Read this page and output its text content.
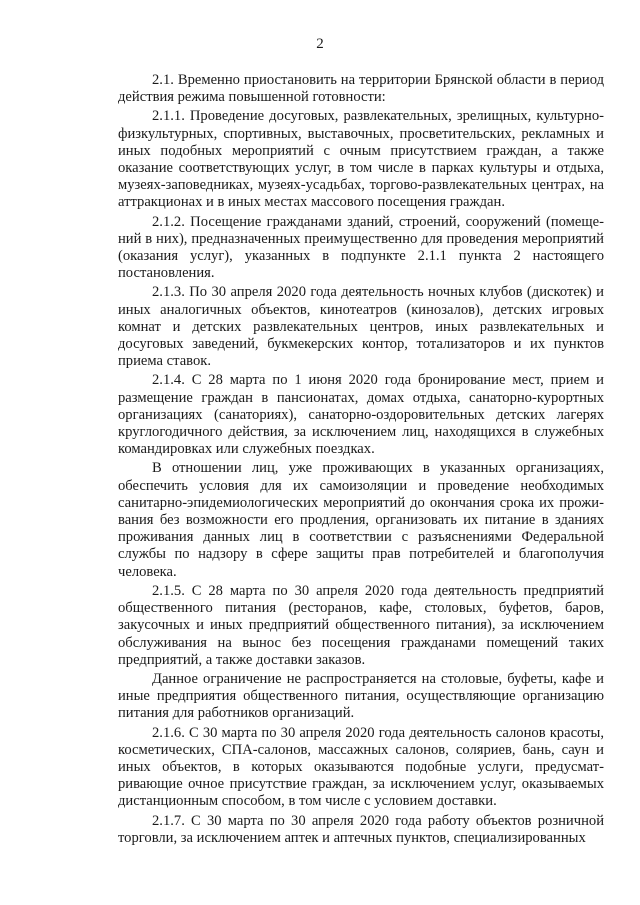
2

2.1. Временно приостановить на территории Брянской области в период действия режима повышенной готовности:

2.1.1. Проведение досуговых, развлекательных, зрелищных, культурно-физкультурных, спортивных, выставочных, просветительских, рекламных и иных подобных мероприятий с очным присутствием граждан, а также оказание соответствующих услуг, в том числе в парках культуры и отдыха, музеях-заповедниках, музеях-усадьбах, торгово-развлекательных центрах, на аттракционах и в иных местах массового посещения граждан.

2.1.2. Посещение гражданами зданий, строений, сооружений (помещений в них), предназначенных преимущественно для проведения мероприятий (оказания услуг), указанных в подпункте 2.1.1 пункта 2 настоящего постановления.

2.1.3. По 30 апреля 2020 года деятельность ночных клубов (дискотек) и иных аналогичных объектов, кинотеатров (кинозалов), детских игровых комнат и детских развлекательных центров, иных развлекательных и досуговых заведений, букмекерских контор, тотализаторов и их пунктов приема ставок.

2.1.4. С 28 марта по 1 июня 2020 года бронирование мест, прием и размещение граждан в пансионатах, домах отдыха, санаторно-курортных организациях (санаториях), санаторно-оздоровительных детских лагерях круглогодичного действия, за исключением лиц, находящихся в служебных командировках или служебных поездках.

В отношении лиц, уже проживающих в указанных организациях, обеспечить условия для их самоизоляции и проведение необходимых санитарно-эпидемиологических мероприятий до окончания срока их проживания без возможности его продления, организовать их питание в зданиях проживания данных лиц в соответствии с разъяснениями Федеральной службы по надзору в сфере защиты прав потребителей и благополучия человека.

2.1.5. С 28 марта по 30 апреля 2020 года деятельность предприятий общественного питания (ресторанов, кафе, столовых, буфетов, баров, закусочных и иных предприятий общественного питания), за исключением обслуживания на вынос без посещения гражданами помещений таких предприятий, а также доставки заказов.

Данное ограничение не распространяется на столовые, буфеты, кафе и иные предприятия общественного питания, осуществляющие организацию питания для работников организаций.

2.1.6. С 30 марта по 30 апреля 2020 года деятельность салонов красоты, косметических, СПА-салонов, массажных салонов, соляриев, бань, саун и иных объектов, в которых оказываются подобные услуги, предусматривающие очное присутствие граждан, за исключением услуг, оказываемых дистанционным способом, в том числе с условием доставки.

2.1.7. С 30 марта по 30 апреля 2020 года работу объектов розничной торговли, за исключением аптек и аптечных пунктов, специализированных
